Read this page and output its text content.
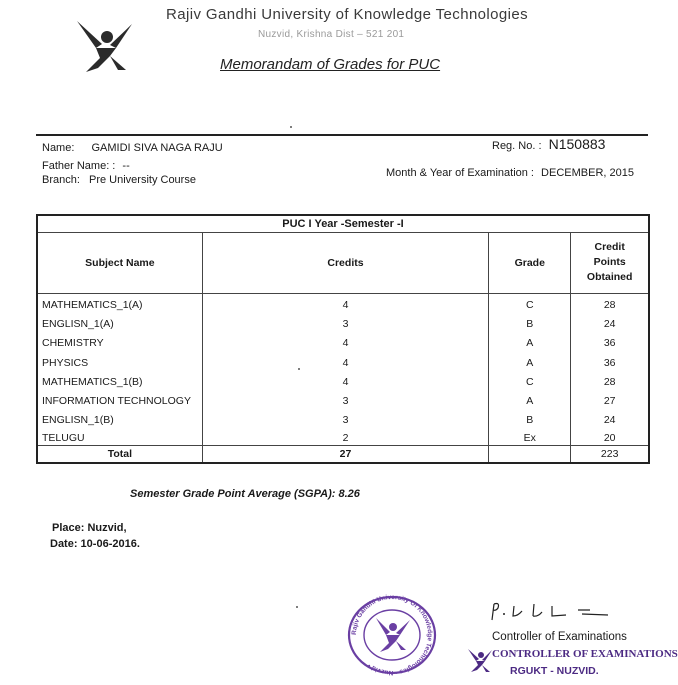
Rajiv Gandhi University of Knowledge Technologies
Nuzvid, Krishna Dist – 521 201
Memorandam of Grades for PUC
Name: GAMIDI SIVA NAGA RAJU	Reg. No. : N150883
Father Name: : --
Branch: Pre University Course
Month & Year of Examination : DECEMBER, 2015
PUC I Year -Semester -I			
Subject Name	Credits	Grade	Credit
Points
Obtained

MATHEMATICS_1(A)	4	C	28
ENGLISN_1(A)	3	B	24
CHEMISTRY	4	A	36
PHYSICS	4	A	36
MATHEMATICS_1(B)	4	C	28
INFORMATION TECHNOLOGY	3	A	27
ENGLISN_1(B)	3	B	24
TELUGU	2	Ex	20
Total	27		223
Semester Grade Point Average (SGPA): 8.26
Place: Nuzvid,
Date: 10-06-2016.
Rajiv Gandhi University Of Knowledge Technologies • Nuzvid •
Controller of Examinations
CONTROLLER OF EXAMINATIONS
RGUKT - NUZVID.
